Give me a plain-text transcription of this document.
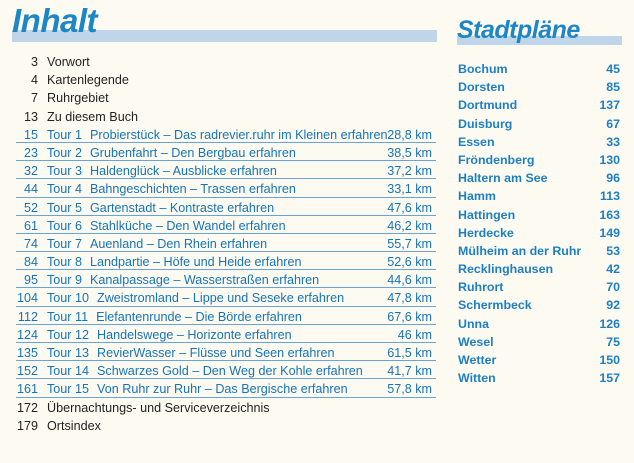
Inhalt	Stadtpläne
3 Vorwort
4 Kartenlegende
7 Ruhrgebiet
13 Zu diesem Buch
15 Tour 1 Probierstück – Das radrevier.ruhr im Kleinen erfahren 28,8 km
23 Tour 2 Grubenfahrt – Den Bergbau erfahren	38,5 km
32 Tour 3 Haldenglück – Ausblicke erfahren	37,2 km
44 Tour 4 Bahngeschichten – Trassen erfahren	33,1 km
52 Tour 5 Gartenstadt – Kontraste erfahren	47,6 km
61 Tour 6 Stahlküche – Den Wandel erfahren	46,2 km
74 Tour 7 Auenland – Den Rhein erfahren	55,7 km
84 Tour 8 Landpartie – Höfe und Heide erfahren	52,6 km
95 Tour 9 Kanalpassage – Wasserstraßen erfahren	44,6 km
104 Tour 10 Zweistromland – Lippe und Seseke erfahren	47,8 km
112 Tour 11 Elefantenrunde – Die Börde erfahren	67,6 km
124 Tour 12 Handelswege – Horizonte erfahren	46 km
135 Tour 13 RevierWasser – Flüsse und Seen erfahren	61,5 km
152 Tour 14 Schwarzes Gold – Den Weg der Kohle erfahren 41,7 km
161 Tour 15 Von Ruhr zur Ruhr – Das Bergische erfahren	57,8 km
172 Übernachtungs- und Serviceverzeichnis
179 Ortsindex
Bochum	45
Dorsten	85
Dortmund	137
Duisburg	67
Essen	33
Fröndenberg	130
Haltern am See	96
Hamm	113
Hattingen	163
Herdecke	149
Mülheim an der Ruhr 53
Recklinghausen	42
Ruhrort	70
Schermbeck	92
Unna	126
Wesel	75
Wetter	150
Witten	157
